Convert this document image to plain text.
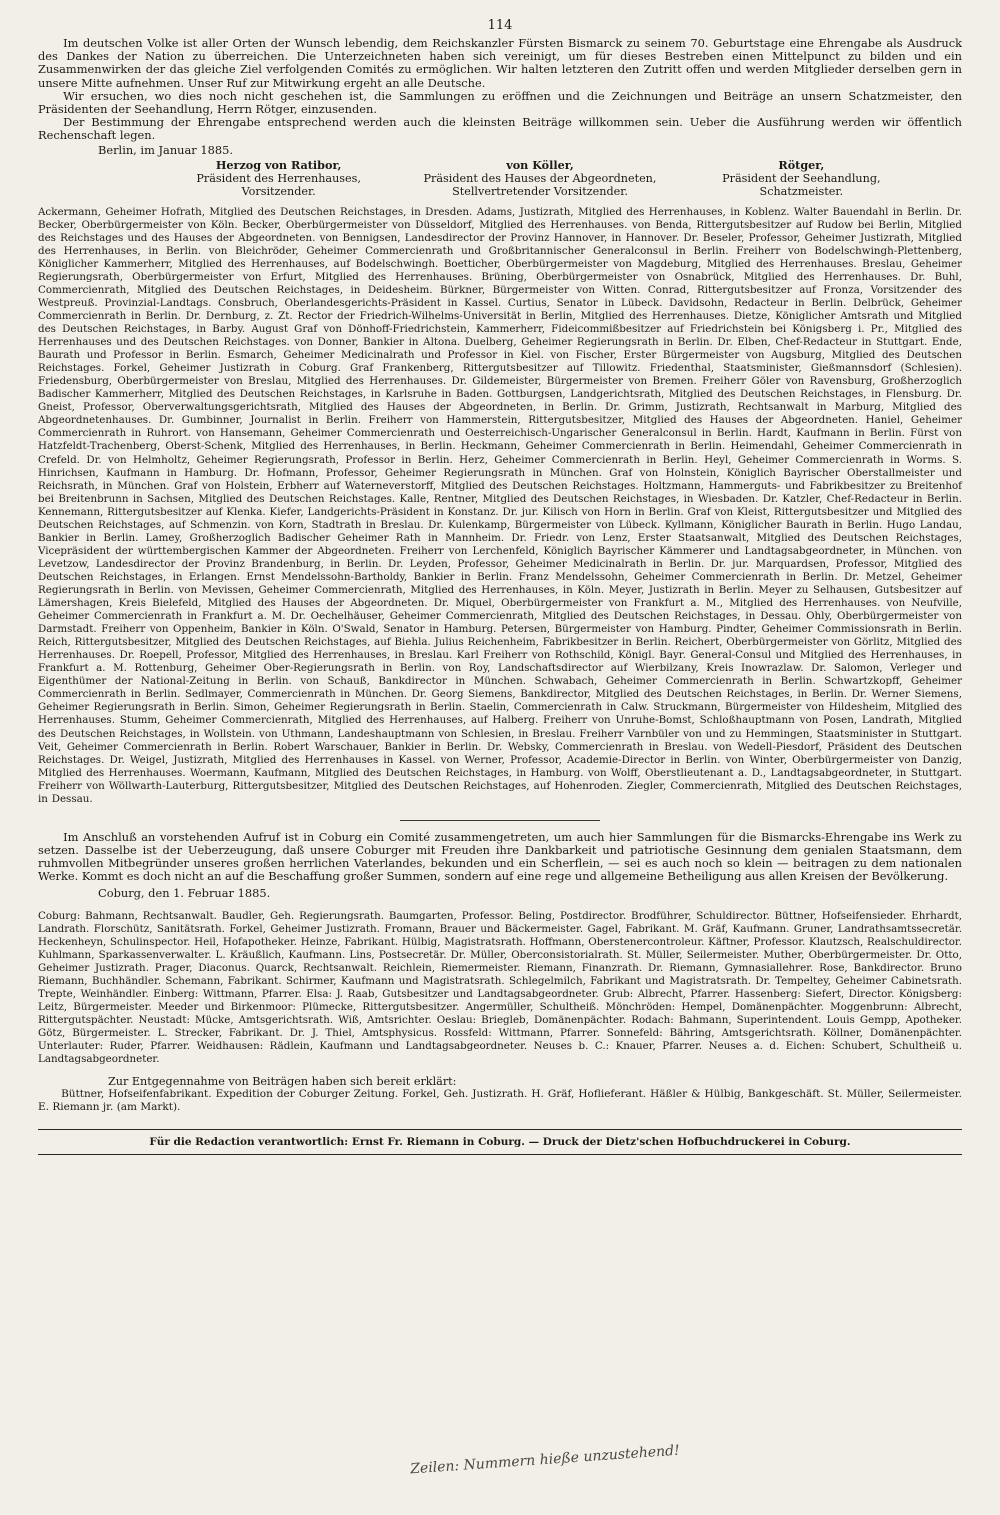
114

Im deutschen Volke ist aller Orten der Wunsch lebendig, dem Reichskanzler Fürsten Bismarck zu seinem 70. Geburtstage eine Ehrengabe als Ausdruck des Dankes der Nation zu überreichen. Die Unterzeichneten haben sich vereinigt, um für dieses Bestreben einen Mittelpunct zu bilden und ein Zusammenwirken der das gleiche Ziel verfolgenden Comités zu ermöglichen. Wir halten letzteren den Zutritt offen und werden Mitglieder derselben gern in unsere Mitte aufnehmen. Unser Ruf zur Mitwirkung ergeht an alle Deutsche.

Wir ersuchen, wo dies noch nicht geschehen ist, die Sammlungen zu eröffnen und die Zeichnungen und Beiträge an unsern Schatzmeister, den Präsidenten der Seehandlung, Herrn Rötger, einzusenden.

Der Bestimmung der Ehrengabe entsprechend werden auch die kleinsten Beiträge willkommen sein. Ueber die Ausführung werden wir öffentlich Rechenschaft legen.

Berlin, im Januar 1885.
Herzog von Ratibor,
Präsident des Herrenhauses,
Vorsitzender.
von Köller,
Präsident des Hauses der Abgeordneten,
Stellvertretender Vorsitzender.
Rötger,
Präsident der Seehandlung,
Schatzmeister.
Ackermann, Geheimer Hofrath, Mitglied des Deutschen Reichstages, in Dresden. Adams, Justizrath, Mitglied des Herrenhauses, in Koblenz. Walter Bauendahl in Berlin. Dr. Becker, Oberbürgermeister von Köln. Becker, Oberbürgermeister von Düsseldorf, Mitglied des Herrenhauses. von Benda, Rittergutsbesitzer auf Rudow bei Berlin, Mitglied des Reichstages und des Hauses der Abgeordneten. von Bennigsen, Landesdirector der Provinz Hannover, in Hannover. Dr. Beseler, Professor, Geheimer Justizrath, Mitglied des Herrenhauses, in Berlin. von Bleichröder, Geheimer Commercienrath und Großbritannischer Generalconsul in Berlin. Freiherr von Bodelschwingh-Plettenberg, Königlicher Kammerherr, Mitglied des Herrenhauses, auf Bodelschwingh. Boetticher, Oberbürgermeister von Magdeburg, Mitglied des Herrenhauses. Breslau, Geheimer Regierungsrath, Oberbürgermeister von Erfurt, Mitglied des Herrenhauses. Brüning, Oberbürgermeister von Osnabrück, Mitglied des Herrenhauses. Dr. Buhl, Commercienrath, Mitglied des Deutschen Reichstages, in Deidesheim. Bürkner, Bürgermeister von Witten. Conrad, Rittergutsbesitzer auf Fronza, Vorsitzender des Westpreuß. Provinzial-Landtags. Consbruch, Oberlandesgerichts-Präsident in Kassel. Curtius, Senator in Lübeck. Davidsohn, Redacteur in Berlin. Delbrück, Geheimer Commercienrath in Berlin. Dr. Dernburg, z. Zt. Rector der Friedrich-Wilhelms-Universität in Berlin, Mitglied des Herrenhauses. Dietze, Königlicher Amtsrath und Mitglied des Deutschen Reichstages, in Barby. August Graf von Dönhoff-Friedrichstein, Kammerherr, Fideicommißbesitzer auf Friedrichstein bei Königsberg i. Pr., Mitglied des Herrenhauses und des Deutschen Reichstages. von Donner, Bankier in Altona. Duelberg, Geheimer Regierungsrath in Berlin. Dr. Elben, Chef-Redacteur in Stuttgart. Ende, Baurath und Professor in Berlin. Esmarch, Geheimer Medicinalrath und Professor in Kiel. von Fischer, Erster Bürgermeister von Augsburg, Mitglied des Deutschen Reichstages. Forkel, Geheimer Justizrath in Coburg. Graf Frankenberg, Rittergutsbesitzer auf Tillowitz. Friedenthal, Staatsminister, Gießmannsdorf (Schlesien). Friedensburg, Oberbürgermeister von Breslau, Mitglied des Herrenhauses. Dr. Gildemeister, Bürgermeister von Bremen. Freiherr Göler von Ravensburg, Großherzoglich Badischer Kammerherr, Mitglied des Deutschen Reichstages, in Karlsruhe in Baden. Gottburgsen, Landgerichtsrath, Mitglied des Deutschen Reichstages, in Flensburg. Dr. Gneist, Professor, Oberverwaltungsgerichtsrath, Mitglied des Hauses der Abgeordneten, in Berlin. Dr. Grimm, Justizrath, Rechtsanwalt in Marburg, Mitglied des Abgeordnetenhauses. Dr. Gumbinner, Journalist in Berlin. Freiherr von Hammerstein, Rittergutsbesitzer, Mitglied des Hauses der Abgeordneten. Haniel, Geheimer Commercienrath in Ruhrort. von Hansemann, Geheimer Commercienrath und Oesterreichisch-Ungarischer Generalconsul in Berlin. Hardt, Kaufmann in Berlin. Fürst von Hatzfeldt-Trachenberg, Oberst-Schenk, Mitglied des Herrenhauses, in Berlin. Heckmann, Geheimer Commercienrath in Berlin. Heimendahl, Geheimer Commercienrath in Crefeld. Dr. von Helmholtz, Geheimer Regierungsrath, Professor in Berlin. Herz, Geheimer Commercienrath in Berlin. Heyl, Geheimer Commercienrath in Worms. S. Hinrichsen, Kaufmann in Hamburg. Dr. Hofmann, Professor, Geheimer Regierungsrath in München. Graf von Holnstein, Königlich Bayrischer Oberstallmeister und Reichsrath, in München. Graf von Holstein, Erbherr auf Waterneverstorff, Mitglied des Deutschen Reichstages. Holtzmann, Hammerguts- und Fabrikbesitzer zu Breitenhof bei Breitenbrunn in Sachsen, Mitglied des Deutschen Reichstages. Kalle, Rentner, Mitglied des Deutschen Reichstages, in Wiesbaden. Dr. Katzler, Chef-Redacteur in Berlin. Kennemann, Rittergutsbesitzer auf Klenka. Kiefer, Landgerichts-Präsident in Konstanz. Dr. jur. Kilisch von Horn in Berlin. Graf von Kleist, Rittergutsbesitzer und Mitglied des Deutschen Reichstages, auf Schmenzin. von Korn, Stadtrath in Breslau. Dr. Kulenkamp, Bürgermeister von Lübeck. Kyllmann, Königlicher Baurath in Berlin. Hugo Landau, Bankier in Berlin. Lamey, Großherzoglich Badischer Geheimer Rath in Mannheim. Dr. Friedr. von Lenz, Erster Staatsanwalt, Mitglied des Deutschen Reichstages, Vicepräsident der württembergischen Kammer der Abgeordneten. Freiherr von Lerchenfeld, Königlich Bayrischer Kämmerer und Landtagsabgeordneter, in München. von Levetzow, Landesdirector der Provinz Brandenburg, in Berlin. Dr. Leyden, Professor, Geheimer Medicinalrath in Berlin. Dr. jur. Marquardsen, Professor, Mitglied des Deutschen Reichstages, in Erlangen. Ernst Mendelssohn-Bartholdy, Bankier in Berlin. Franz Mendelssohn, Geheimer Commercienrath in Berlin. Dr. Metzel, Geheimer Regierungsrath in Berlin. von Mevissen, Geheimer Commercienrath, Mitglied des Herrenhauses, in Köln. Meyer, Justizrath in Berlin. Meyer zu Selhausen, Gutsbesitzer auf Lämershagen, Kreis Bielefeld, Mitglied des Hauses der Abgeordneten. Dr. Miquel, Oberbürgermeister von Frankfurt a. M., Mitglied des Herrenhauses. von Neufville, Geheimer Commercienrath in Frankfurt a. M. Dr. Oechelhäuser, Geheimer Commercienrath, Mitglied des Deutschen Reichstages, in Dessau. Ohly, Oberbürgermeister von Darmstadt. Freiherr von Oppenheim, Bankier in Köln. O'Swald, Senator in Hamburg. Petersen, Bürgermeister von Hamburg. Pindter, Geheimer Commissionsrath in Berlin. Reich, Rittergutsbesitzer, Mitglied des Deutschen Reichstages, auf Biehla. Julius Reichenheim, Fabrikbesitzer in Berlin. Reichert, Oberbürgermeister von Görlitz, Mitglied des Herrenhauses. Dr. Roepell, Professor, Mitglied des Herrenhauses, in Breslau. Karl Freiherr von Rothschild, Königl. Bayr. General-Consul und Mitglied des Herrenhauses, in Frankfurt a. M. Rottenburg, Geheimer Ober-Regierungsrath in Berlin. von Roy, Landschaftsdirector auf Wierbilzany, Kreis Inowrazlaw. Dr. Salomon, Verleger und Eigenthümer der National-Zeitung in Berlin. von Schauß, Bankdirector in München. Schwabach, Geheimer Commercienrath in Berlin. Schwartzkopff, Geheimer Commercienrath in Berlin. Sedlmayer, Commercienrath in München. Dr. Georg Siemens, Bankdirector, Mitglied des Deutschen Reichstages, in Berlin. Dr. Werner Siemens, Geheimer Regierungsrath in Berlin. Simon, Geheimer Regierungsrath in Berlin. Staelin, Commercienrath in Calw. Struckmann, Bürgermeister von Hildesheim, Mitglied des Herrenhauses. Stumm, Geheimer Commercienrath, Mitglied des Herrenhauses, auf Halberg. Freiherr von Unruhe-Bomst, Schloßhauptmann von Posen, Landrath, Mitglied des Deutschen Reichstages, in Wollstein. von Uthmann, Landeshauptmann von Schlesien, in Breslau. Freiherr Varnbüler von und zu Hemmingen, Staatsminister in Stuttgart. Veit, Geheimer Commercienrath in Berlin. Robert Warschauer, Bankier in Berlin. Dr. Websky, Commercienrath in Breslau. von Wedell-Piesdorf, Präsident des Deutschen Reichstages. Dr. Weigel, Justizrath, Mitglied des Herrenhauses in Kassel. von Werner, Professor, Academie-Director in Berlin. von Winter, Oberbürgermeister von Danzig, Mitglied des Herrenhauses. Woermann, Kaufmann, Mitglied des Deutschen Reichstages, in Hamburg. von Wolff, Oberstlieutenant a. D., Landtagsabgeordneter, in Stuttgart. Freiherr von Wöllwarth-Lauterburg, Rittergutsbesitzer, Mitglied des Deutschen Reichstages, auf Hohenroden. Ziegler, Commercienrath, Mitglied des Deutschen Reichstages, in Dessau.

Im Anschluß an vorstehenden Aufruf ist in Coburg ein Comité zusammengetreten, um auch hier Sammlungen für die Bismarcks-Ehrengabe ins Werk zu setzen. Dasselbe ist der Ueberzeugung, daß unsere Coburger mit Freuden ihre Dankbarkeit und patriotische Gesinnung dem genialen Staatsmann, dem ruhmvollen Mitbegründer unseres großen herrlichen Vaterlandes, bekunden und ein Scherflein, — sei es auch noch so klein — beitragen zu dem nationalen Werke. Kommt es doch nicht an auf die Beschaffung großer Summen, sondern auf eine rege und allgemeine Betheiligung aus allen Kreisen der Bevölkerung.

Coburg, den 1. Februar 1885.
Coburg: Bahmann, Rechtsanwalt. Baudler, Geh. Regierungsrath. Baumgarten, Professor. Beling, Postdirector. Brodführer, Schuldirector. Büttner, Hofseifensieder. Ehrhardt, Landrath. Florschütz, Sanitätsrath. Forkel, Geheimer Justizrath. Fromann, Brauer und Bäckermeister. Gagel, Fabrikant. M. Gräf, Kaufmann. Gruner, Landrathsamtssecretär. Heckenheyn, Schulinspector. Heil, Hofapotheker. Heinze, Fabrikant. Hülbig, Magistratsrath. Hoffmann, Oberstenercontroleur. Käftner, Professor. Klautzsch, Realschuldirector. Kuhlmann, Sparkassenverwalter. L. Kräußlich, Kaufmann. Lins, Postsecretär. Dr. Müller, Oberconsistorialrath. St. Müller, Seilermeister. Muther, Oberbürgermeister. Dr. Otto, Geheimer Justizrath. Prager, Diaconus. Quarck, Rechtsanwalt. Reichlein, Riemermeister. Riemann, Finanzrath. Dr. Riemann, Gymnasiallehrer. Rose, Bankdirector. Bruno Riemann, Buchhändler. Schemann, Fabrikant. Schirmer, Kaufmann und Magistratsrath. Schlegelmilch, Fabrikant und Magistratsrath. Dr. Tempeltey, Geheimer Cabinetsrath. Trepte, Weinhändler. Einberg: Wittmann, Pfarrer. Elsa: J. Raab, Gutsbesitzer und Landtagsabgeordneter. Grub: Albrecht, Pfarrer. Hassenberg: Siefert, Director. Königsberg: Leitz, Bürgermeister. Meeder und Birkenmoor: Plümecke, Rittergutsbesitzer. Angermüller, Schultheiß. Mönchröden: Hempel, Domänenpächter. Moggenbrunn: Albrecht, Rittergutspächter. Neustadt: Mücke, Amtsgerichtsrath. Wiß, Amtsrichter. Oeslau: Briegleb, Domänenpächter. Rodach: Bahmann, Superintendent. Louis Gempp, Apotheker. Götz, Bürgermeister. L. Strecker, Fabrikant. Dr. J. Thiel, Amtsphysicus. Rossfeld: Wittmann, Pfarrer. Sonnefeld: Bähring, Amtsgerichtsrath. Köllner, Domänenpächter. Unterlauter: Ruder, Pfarrer. Weidhausen: Rädlein, Kaufmann und Landtagsabgeordneter. Neuses b. C.: Knauer, Pfarrer. Neuses a. d. Eichen: Schubert, Schultheiß u. Landtagsabgeordneter.
Zur Entgegennahme von Beiträgen haben sich bereit erklärt:
Büttner, Hofseifenfabrikant. Expedition der Coburger Zeitung. Forkel, Geh. Justizrath. H. Gräf, Hoflieferant. Häßler & Hülbig, Bankgeschäft. St. Müller, Seilermeister. E. Riemann jr. (am Markt).
Für die Redaction verantwortlich: Ernst Fr. Riemann in Coburg. — Druck der Dietz'schen Hofbuchdruckerei in Coburg.
Zeilen: Nummern hieße unzustehend!
